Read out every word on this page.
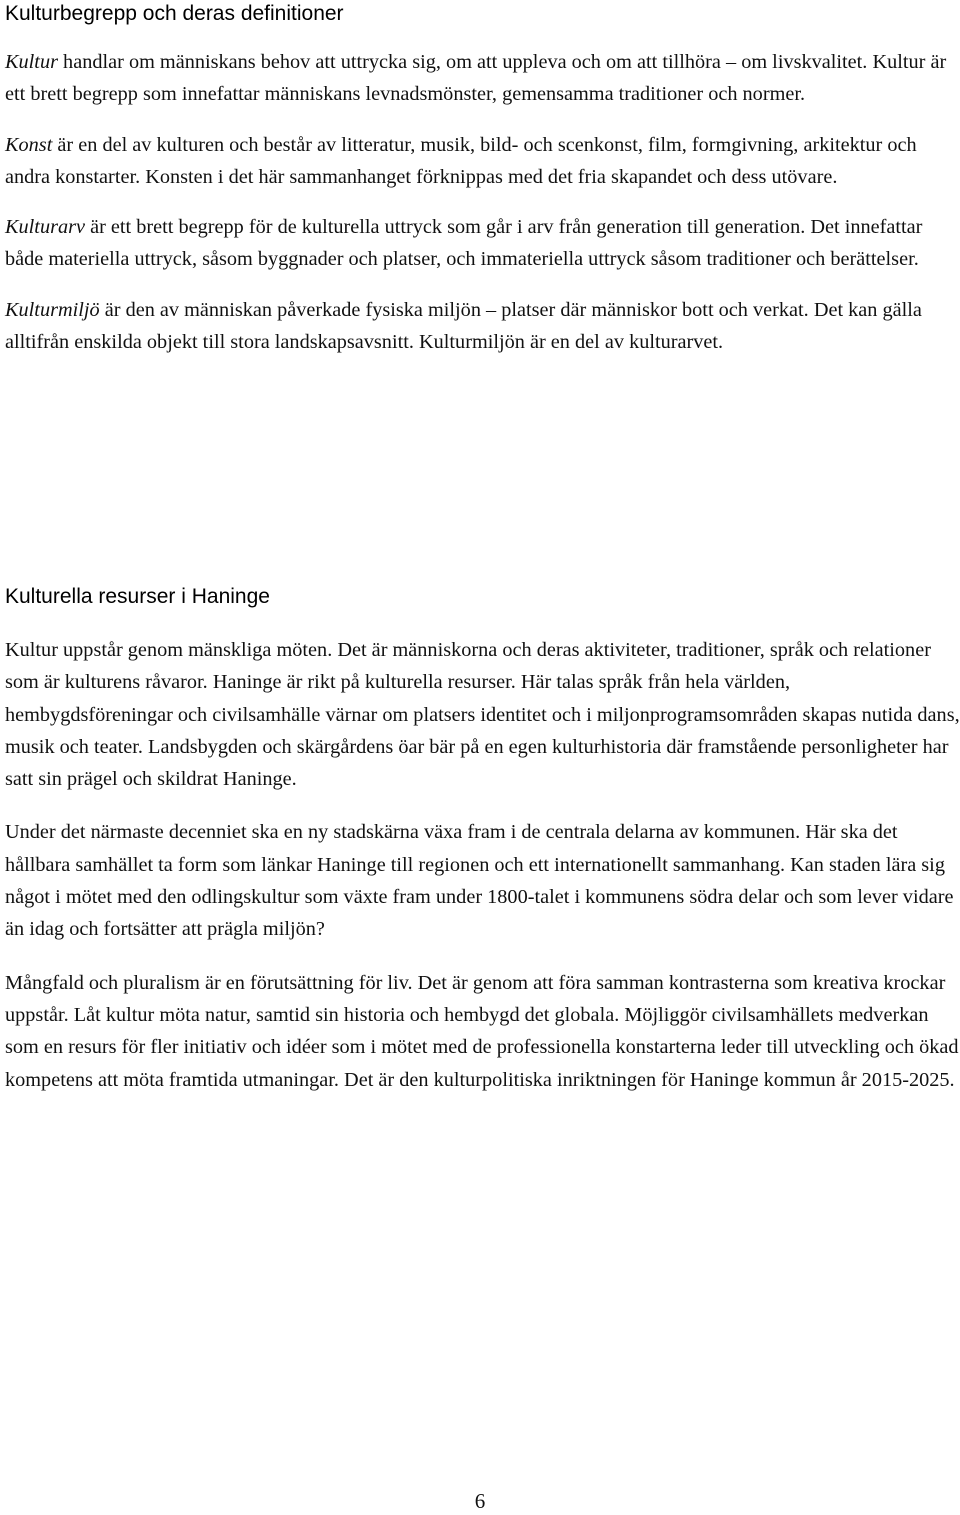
Kulturbegrepp och deras definitioner

Kultur handlar om människans behov att uttrycka sig, om att uppleva och om att tillhöra – om livskvalitet. Kultur är ett brett begrepp som innefattar människans levnadsmönster, gemensamma traditioner och normer.

Konst är en del av kulturen och består av litteratur, musik, bild- och scenkonst, film, formgivning, arkitektur och andra konstarter. Konsten i det här sammanhanget förknippas med det fria skapandet och dess utövare.

Kulturarv är ett brett begrepp för de kulturella uttryck som går i arv från generation till generation. Det innefattar både materiella uttryck, såsom byggnader och platser, och immateriella uttryck såsom traditioner och berättelser.

Kulturmiljö är den av människan påverkade fysiska miljön – platser där människor bott och verkat. Det kan gälla alltifrån enskilda objekt till stora landskapsavsnitt. Kulturmiljön är en del av kulturarvet.

Kulturella resurser i Haninge

Kultur uppstår genom mänskliga möten. Det är människorna och deras aktiviteter, traditioner, språk och relationer som är kulturens råvaror. Haninge är rikt på kulturella resurser. Här talas språk från hela världen, hembygdsföreningar och civilsamhälle värnar om platsers identitet och i miljonprogramsområden skapas nutida dans, musik och teater. Landsbygden och skärgårdens öar bär på en egen kulturhistoria där framstående personligheter har satt sin prägel och skildrat Haninge.

Under det närmaste decenniet ska en ny stadskärna växa fram i de centrala delarna av kommunen. Här ska det hållbara samhället ta form som länkar Haninge till regionen och ett internationellt sammanhang. Kan staden lära sig något i mötet med den odlingskultur som växte fram under 1800-talet i kommunens södra delar och som lever vidare än idag och fortsätter att prägla miljön?

Mångfald och pluralism är en förutsättning för liv. Det är genom att föra samman kontrasterna som kreativa krockar uppstår. Låt kultur möta natur, samtid sin historia och hembygd det globala. Möjliggör civilsamhällets medverkan som en resurs för fler initiativ och idéer som i mötet med de professionella konstarterna leder till utveckling och ökad kompetens att möta framtida utmaningar. Det är den kulturpolitiska inriktningen för Haninge kommun år 2015-2025.

6
